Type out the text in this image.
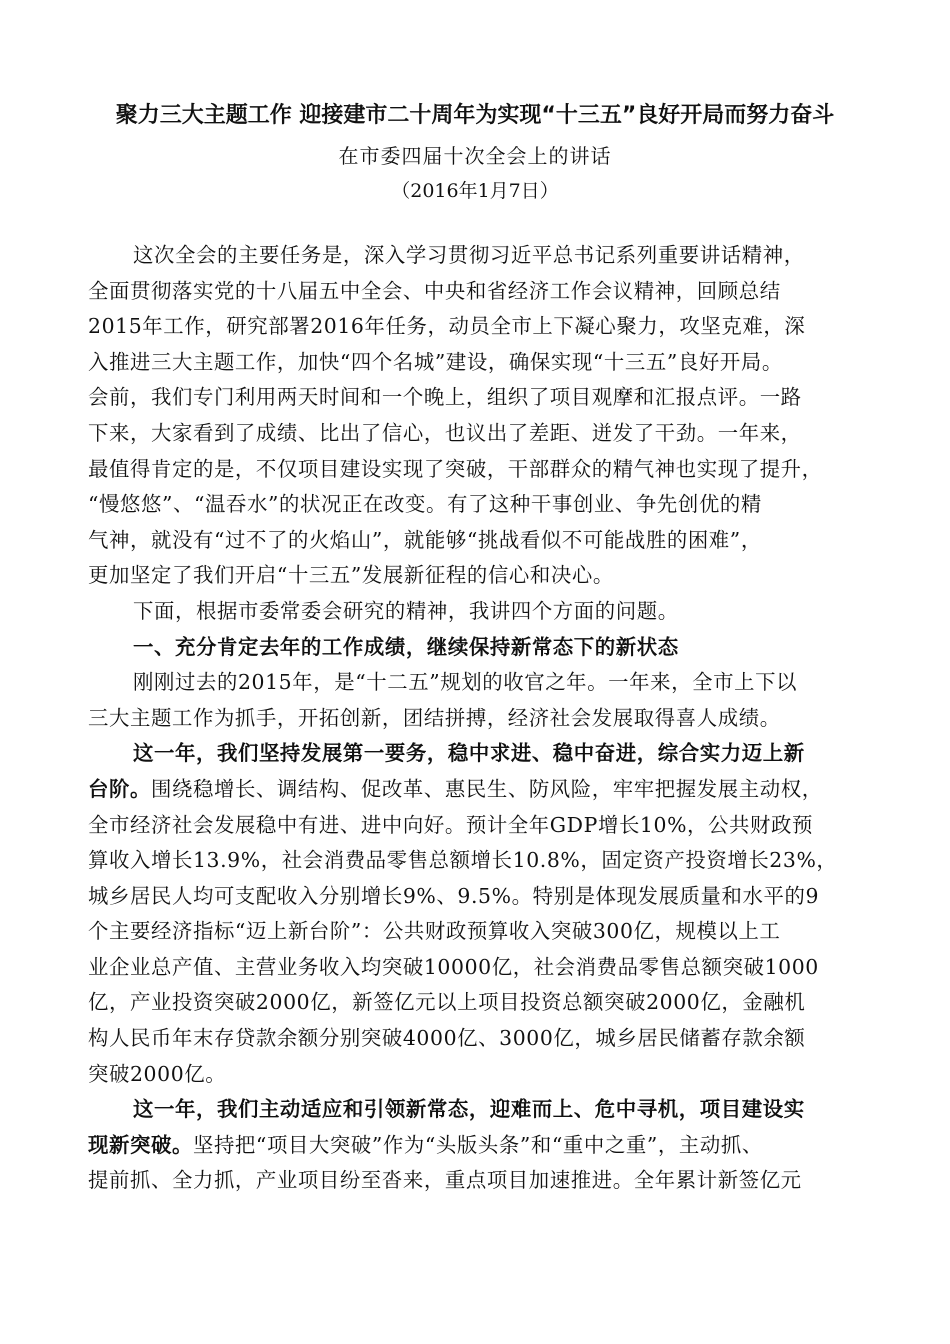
聚力三大主题工作 迎接建市二十周年为实现“十三五”良好开局而努力奋斗
在市委四届十次全会上的讲话
（2016年1月7日）
这次全会的主要任务是，深入学习贯彻习近平总书记系列重要讲话精神，
全面贯彻落实党的十八届五中全会、中央和省经济工作会议精神，回顾总结
2015年工作，研究部署2016年任务，动员全市上下凝心聚力，攻坚克难，深
入推进三大主题工作，加快“四个名城”建设，确保实现“十三五”良好开局。
会前，我们专门利用两天时间和一个晚上，组织了项目观摩和汇报点评。一路
下来，大家看到了成绩、比出了信心，也议出了差距、迸发了干劲。一年来，
最值得肯定的是，不仅项目建设实现了突破，干部群众的精气神也实现了提升，
“慢悠悠”、“温吞水”的状况正在改变。有了这种干事创业、争先创优的精
气神，就没有“过不了的火焰山”，就能够“挑战看似不可能战胜的困难”，
更加坚定了我们开启“十三五”发展新征程的信心和决心。
下面，根据市委常委会研究的精神，我讲四个方面的问题。
一、充分肯定去年的工作成绩，继续保持新常态下的新状态
刚刚过去的2015年，是“十二五”规划的收官之年。一年来，全市上下以
三大主题工作为抓手，开拓创新，团结拼搏，经济社会发展取得喜人成绩。
这一年，我们坚持发展第一要务，稳中求进、稳中奋进，综合实力迈上新
台阶。围绕稳增长、调结构、促改革、惠民生、防风险，牢牢把握发展主动权，
全市经济社会发展稳中有进、进中向好。预计全年GDP增长10%，公共财政预
算收入增长13.9%，社会消费品零售总额增长10.8%，固定资产投资增长23%，
城乡居民人均可支配收入分别增长9%、9.5%。特别是体现发展质量和水平的9
个主要经济指标“迈上新台阶”：公共财政预算收入突破300亿，规模以上工
业企业总产值、主营业务收入均突破10000亿，社会消费品零售总额突破1000
亿，产业投资突破2000亿，新签亿元以上项目投资总额突破2000亿，金融机
构人民币年末存贷款余额分别突破4000亿、3000亿，城乡居民储蓄存款余额
突破2000亿。
这一年，我们主动适应和引领新常态，迎难而上、危中寻机，项目建设实
现新突破。坚持把“项目大突破”作为“头版头条”和“重中之重”，主动抓、
提前抓、全力抓，产业项目纷至沓来，重点项目加速推进。全年累计新签亿元
